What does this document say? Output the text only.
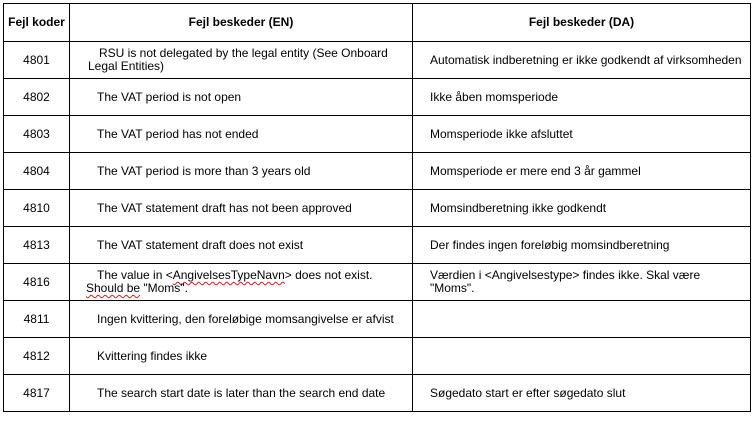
Fejl koder	Fejl beskeder (EN)	Fejl beskeder (DA)
4801	RSU is not delegated by the legal entity (See Onboard Legal Entities)	Automatisk indberetning er ikke godkendt af virksomheden
4802	The VAT period is not open	Ikke åben momsperiode
4803	The VAT period has not ended	Momsperiode ikke afsluttet
4804	The VAT period is more than 3 years old	Momsperiode er mere end 3 år gammel
4810	The VAT statement draft has not been approved	Momsindberetning ikke godkendt
4813	The VAT statement draft does not exist	Der findes ingen foreløbig momsindberetning
4816	The value in <AngivelsesTypeNavn> does not exist. Should be "Moms".	Værdien i <Angivelsestype> findes ikke. Skal være "Moms".
4811	Ingen kvittering, den foreløbige momsangivelse er afvist	
4812	Kvittering findes ikke	
4817	The search start date is later than the search end date	Søgedato start er efter søgedato slut
